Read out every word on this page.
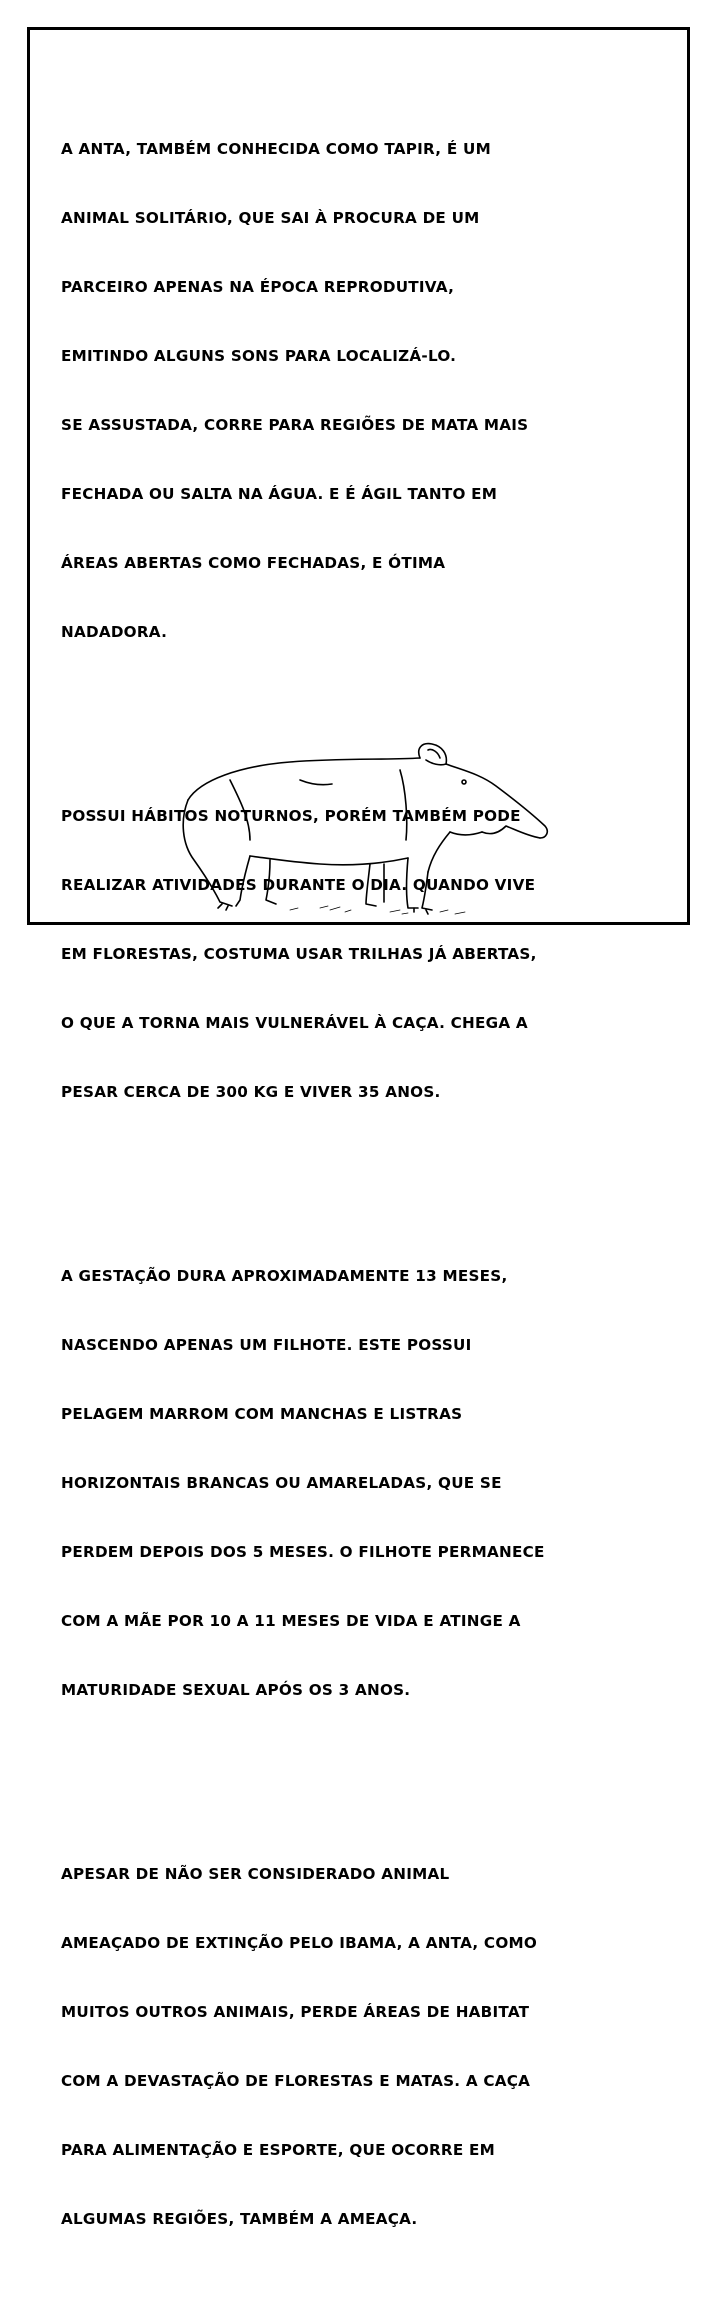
A ANTA, TAMBÉM CONHECIDA COMO TAPIR, É UM

ANIMAL SOLITÁRIO, QUE SAI À PROCURA DE UM

PARCEIRO APENAS NA ÉPOCA REPRODUTIVA,

EMITINDO ALGUNS SONS PARA LOCALIZÁ-LO.

SE ASSUSTADA, CORRE PARA REGIÕES DE MATA MAIS

FECHADA OU SALTA NA ÁGUA. E É ÁGIL TANTO EM

ÁREAS ABERTAS COMO FECHADAS, E ÓTIMA

NADADORA.

POSSUI HÁBITOS NOTURNOS, PORÉM TAMBÉM PODE

REALIZAR ATIVIDADES DURANTE O DIA. QUANDO VIVE

EM FLORESTAS, COSTUMA USAR TRILHAS JÁ ABERTAS,

O QUE A TORNA MAIS VULNERÁVEL À CAÇA. CHEGA A

PESAR CERCA DE 300 KG E VIVER 35 ANOS.

A GESTAÇÃO DURA APROXIMADAMENTE 13 MESES,

NASCENDO APENAS UM FILHOTE. ESTE POSSUI

PELAGEM MARROM COM MANCHAS E LISTRAS

HORIZONTAIS BRANCAS OU AMARELADAS, QUE SE

PERDEM DEPOIS DOS 5 MESES. O FILHOTE PERMANECE

COM A MÃE POR 10 A 11 MESES DE VIDA E ATINGE A

MATURIDADE SEXUAL APÓS OS 3 ANOS.

APESAR DE NÃO SER CONSIDERADO ANIMAL

AMEAÇADO DE EXTINÇÃO PELO IBAMA, A ANTA, COMO

MUITOS OUTROS ANIMAIS, PERDE ÁREAS DE HABITAT

COM A DEVASTAÇÃO DE FLORESTAS E MATAS. A CAÇA

PARA ALIMENTAÇÃO E ESPORTE, QUE OCORRE EM

ALGUMAS REGIÕES, TAMBÉM A AMEAÇA.
